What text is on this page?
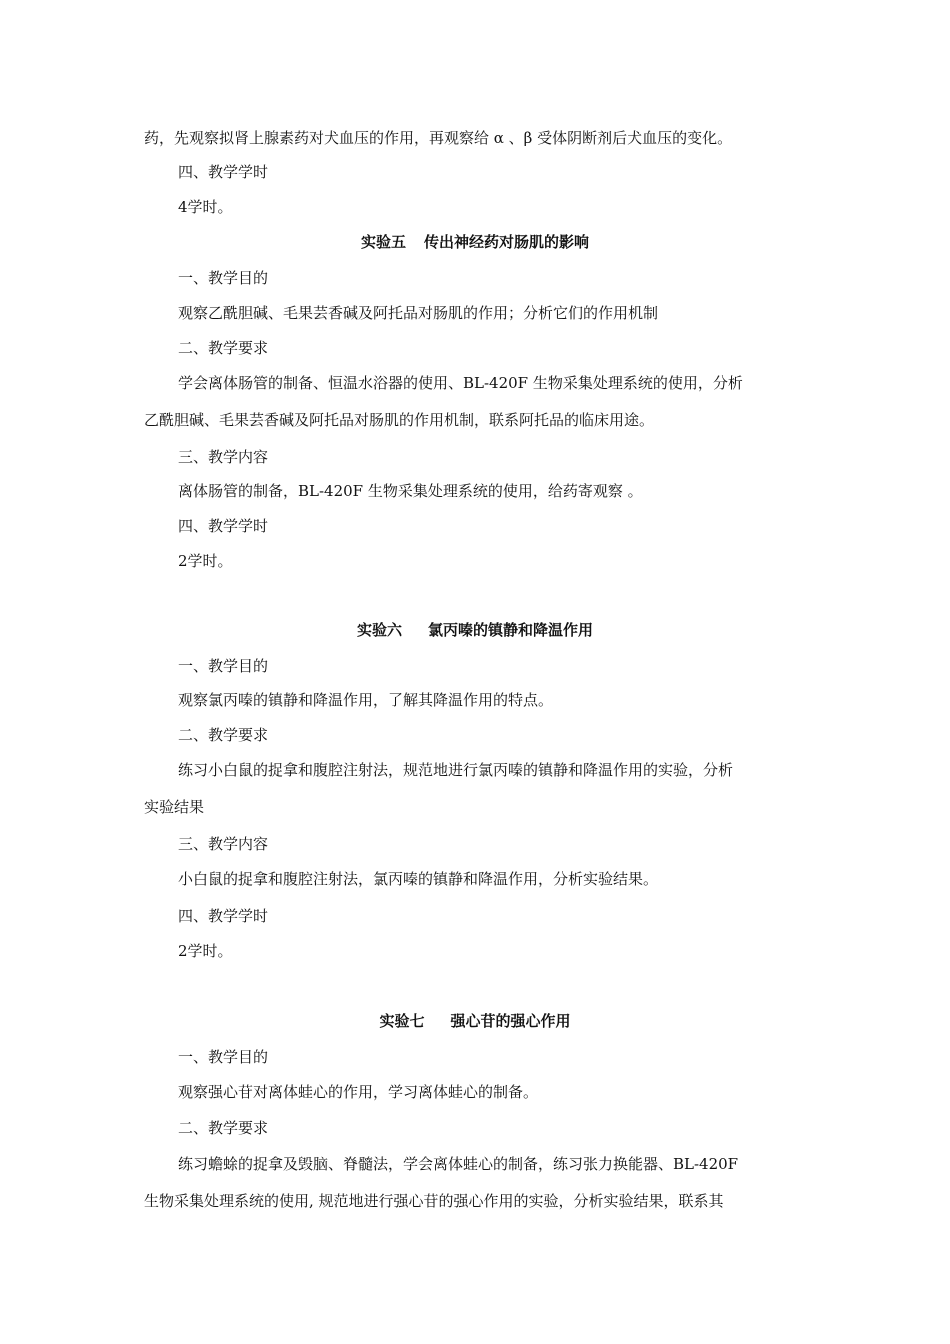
药，先观察拟肾上腺素药对犬血压的作用，再观察给 α 、β 受体阴断剂后犬血压的变化。
四、教学学时
4学时。
实验五 传出神经药对肠肌的影响
一、教学目的
观察乙酰胆碱、毛果芸香碱及阿托品对肠肌的作用；分析它们的作用机制
二、教学要求
学会离体肠管的制备、恒温水浴器的使用、BL-420F 生物采集处理系统的使用，分析
乙酰胆碱、毛果芸香碱及阿托品对肠肌的作用机制，联系阿托品的临床用途。
三、教学内容
离体肠管的制备，BL-420F 生物采集处理系统的使用，给药寄观察 。
四、教学学时
2学时。
实验六 氯丙嗪的镇静和降温作用
一、教学目的
观察氯丙嗪的镇静和降温作用，了解其降温作用的特点。
二、教学要求
练习小白鼠的捉拿和腹腔注射法，规范地进行氯丙嗪的镇静和降温作用的实验，分析
实验结果
三、教学内容
小白鼠的捉拿和腹腔注射法，氯丙嗪的镇静和降温作用，分析实验结果。
四、教学学时
2学时。
实验七 强心苷的强心作用
一、教学目的
观察强心苷对离体蛙心的作用，学习离体蛙心的制备。
二、教学要求
练习蟾蜍的捉拿及毁脑、脊髓法，学会离体蛙心的制备，练习张力换能器、BL-420F
生物采集处理系统的使用, 规范地进行强心苷的强心作用的实验，分析实验结果，联系其
